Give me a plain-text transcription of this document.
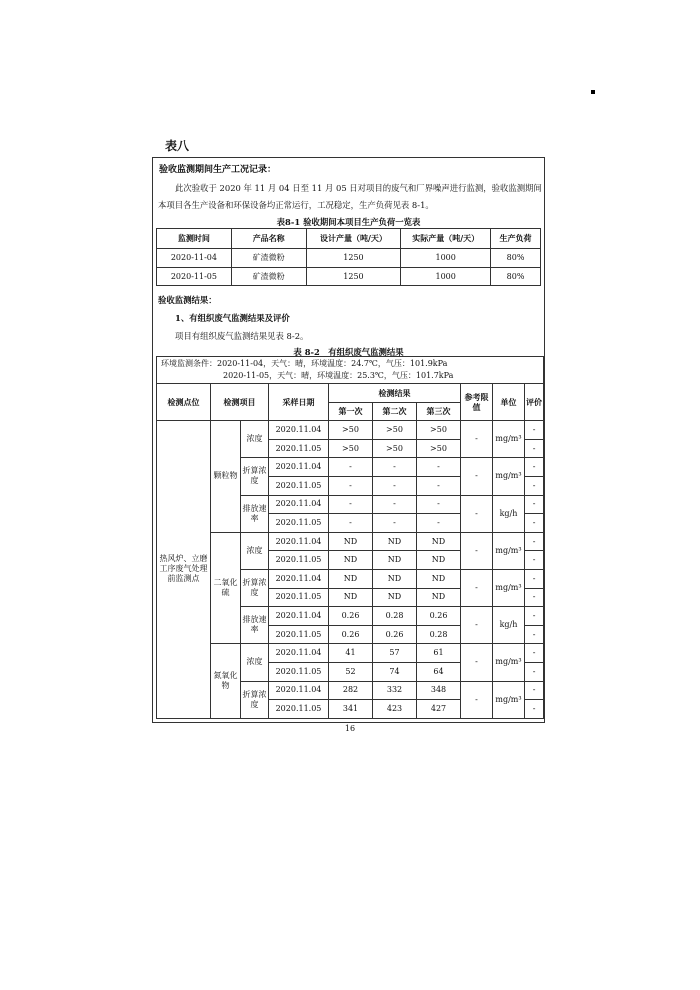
表八
验收监测期间生产工况记录：
此次验收于 2020 年 11 月 04 日至 11 月 05 日对项目的废气和厂界噪声进行监测，验收监测期间本项目各生产设备和环保设备均正常运行，工况稳定，生产负荷见表 8-1。
表8-1 验收期间本项目生产负荷一览表
监测时间	产品名称	设计产量（吨/天）	实际产量（吨/天）	生产负荷
2020-11-04	矿渣微粉	1250	1000	80%
2020-11-05	矿渣微粉	1250	1000	80%
验收监测结果：
1、有组织废气监测结果及评价
项目有组织废气监测结果见表 8-2。
表 8-2　有组织废气监测结果
环境监测条件：2020-11-04，天气：晴，环境温度：24.7℃，气压：101.9kPa
2020-11-05，天气：晴，环境温度：25.3℃，气压：101.7kPa									

检测点位	检测项目		采样日期	检测结果			参考限值	单位	评价
				第一次	第二次	第三次			
热风炉、立磨工序废气处理前监测点	颗粒物	浓度	2020.11.04	>50	>50	>50	-	mg/m³	-
			2020.11.05	>50	>50	>50			-
		折算浓度	2020.11.04	-	-	-	-	mg/m³	-
			2020.11.05	-	-	-			-
		排放速率	2020.11.04	-	-	-	-	kg/h	-
			2020.11.05	-	-	-			-
	二氧化硫	浓度	2020.11.04	ND	ND	ND	-	mg/m³	-
			2020.11.05	ND	ND	ND			-
		折算浓度	2020.11.04	ND	ND	ND	-	mg/m³	-
			2020.11.05	ND	ND	ND			-
		排放速率	2020.11.04	0.26	0.28	0.26	-	kg/h	-
			2020.11.05	0.26	0.26	0.28			-
	氮氧化物	浓度	2020.11.04	41	57	61	-	mg/m³	-
			2020.11.05	52	74	64			-
		折算浓度	2020.11.04	282	332	348	-	mg/m³	-
			2020.11.05	341	423	427			-
16
